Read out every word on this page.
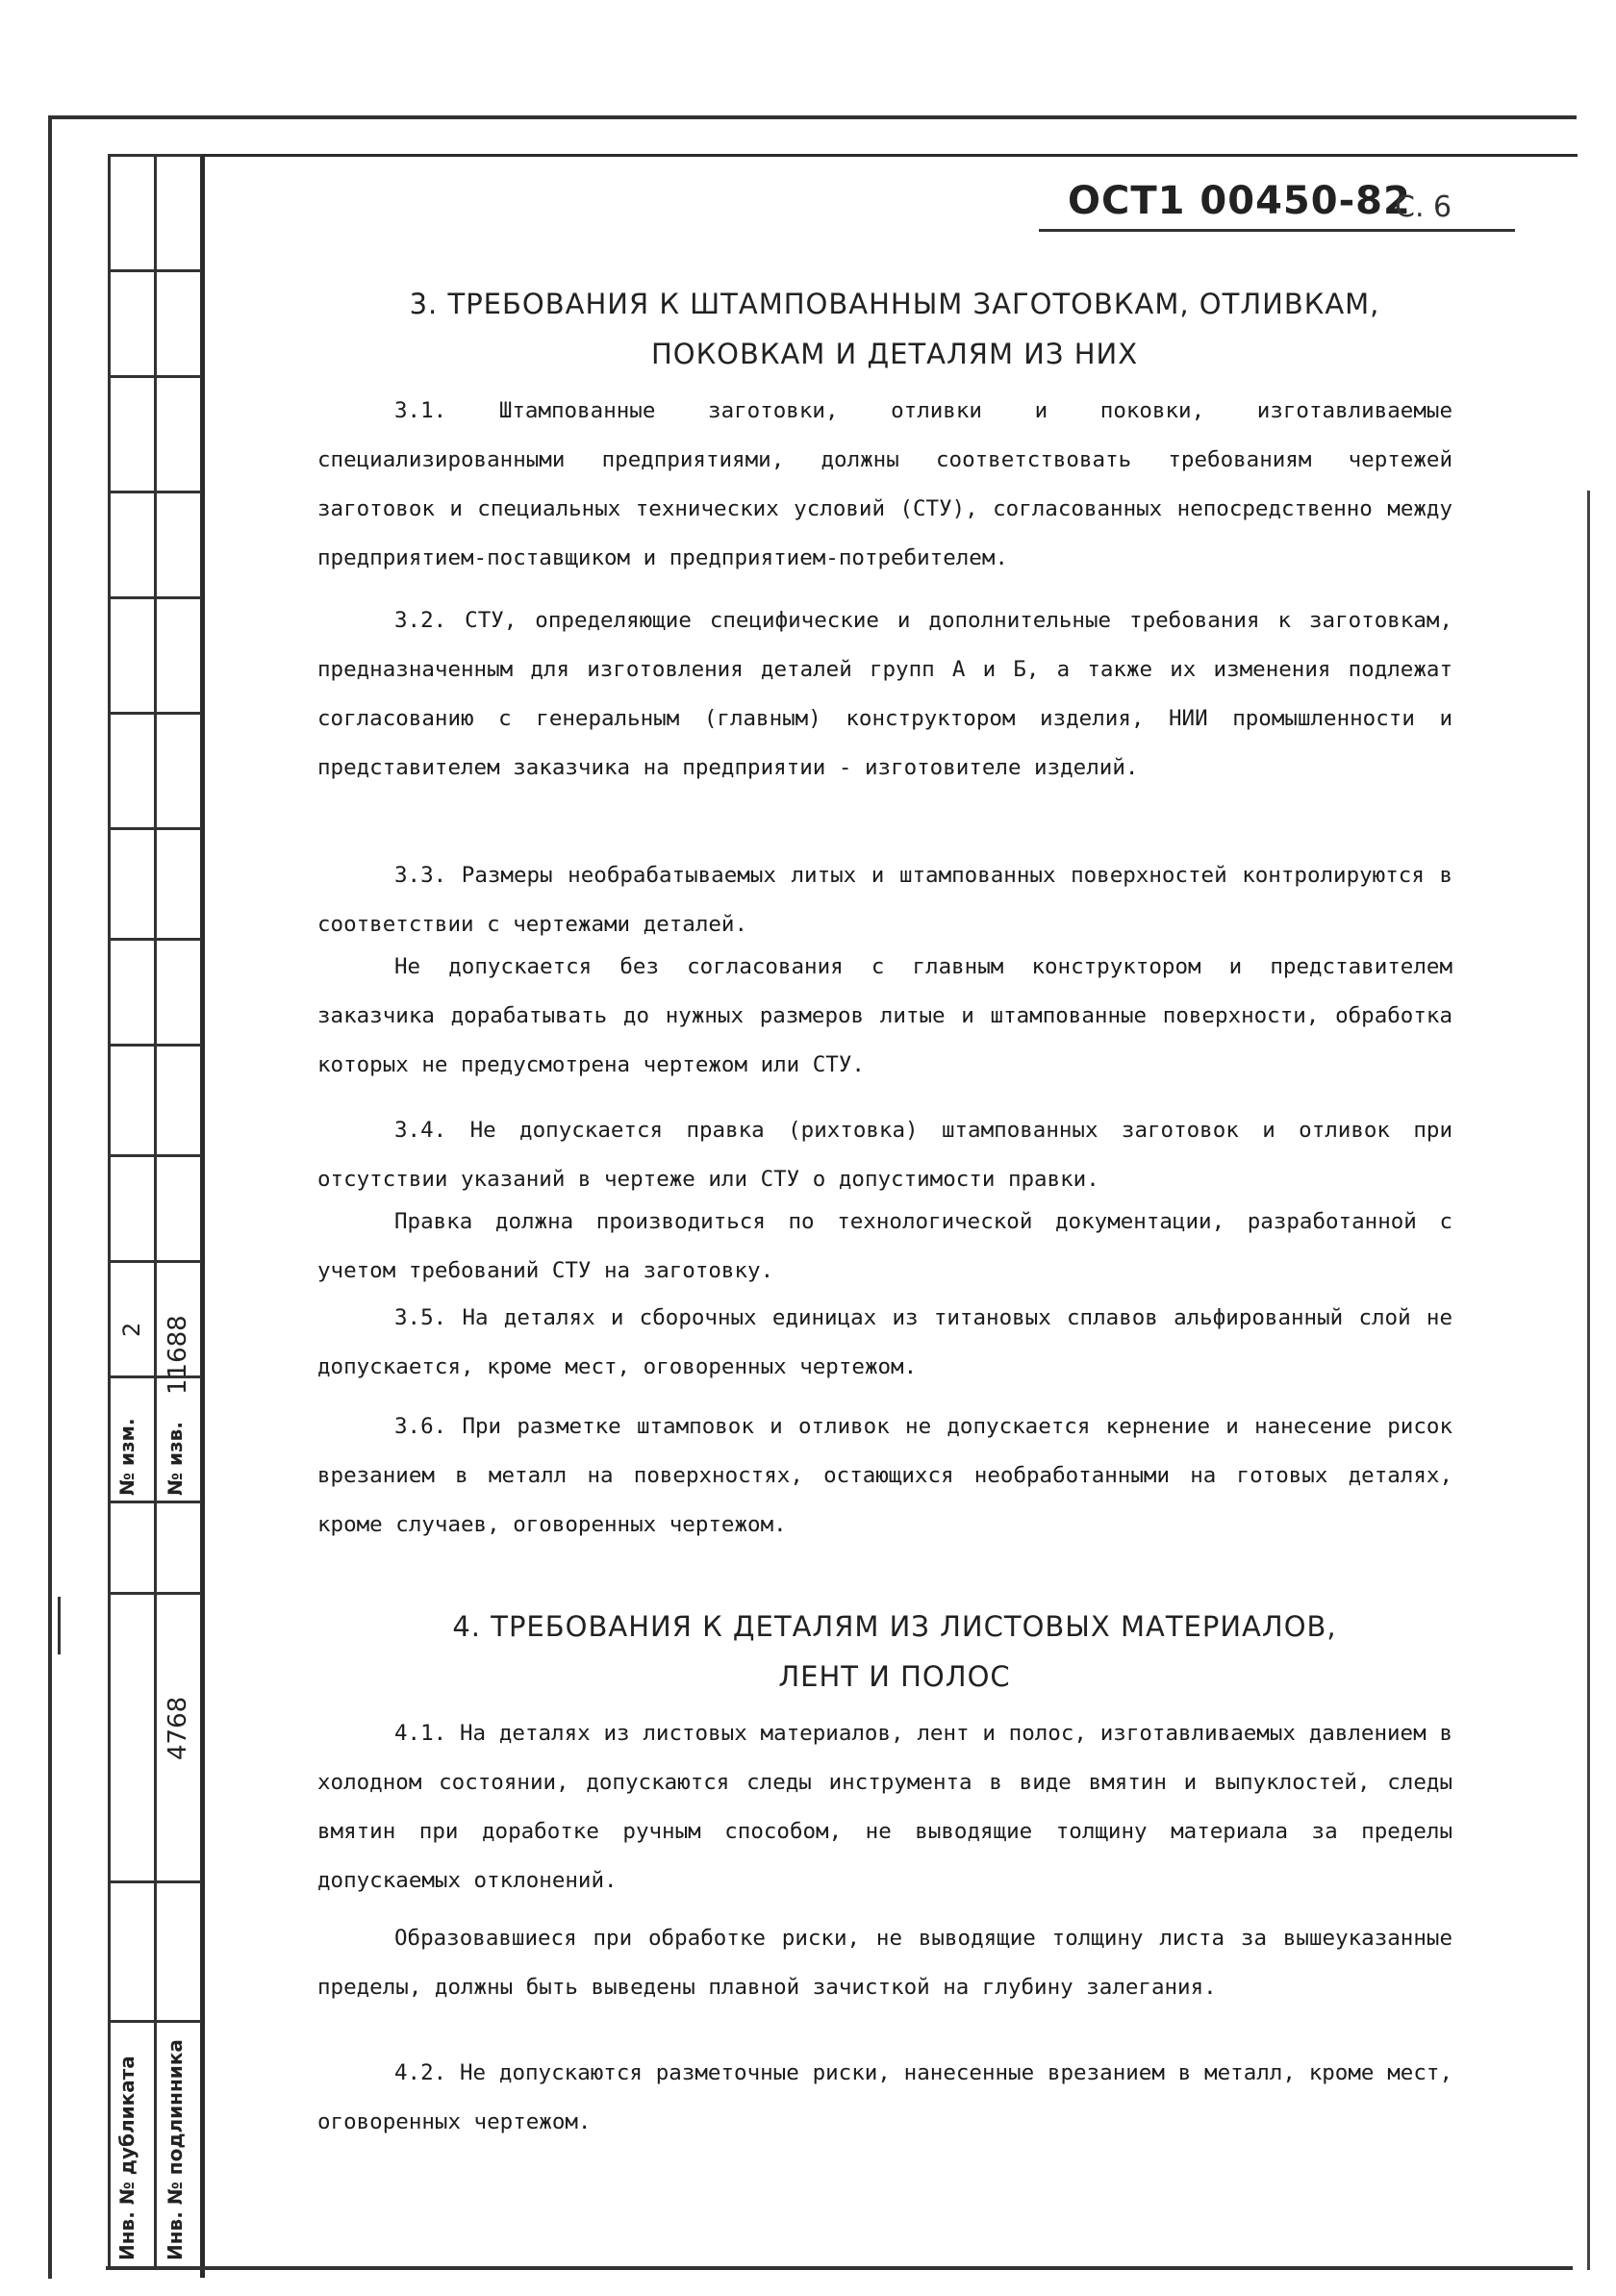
№ изм.
2
№ изв.
11688
4768
Инв. № дубликата Инв. № подлинника
ОСТ1 00450-82
С. 6
3. ТРЕБОВАНИЯ К ШТАМПОВАННЫМ ЗАГОТОВКАМ, ОТЛИВКАМ,
ПОКОВКАМ И ДЕТАЛЯМ ИЗ НИХ
3.1. Штампованные заготовки, отливки и поковки, изготавливаемые специализированными предприятиями, должны соответствовать требованиям чертежей заготовок и специальных технических условий (СТУ), согласованных непосредственно между предприятием-поставщиком и предприятием-потребителем.
3.2. СТУ, определяющие специфические и дополнительные требования к заготовкам, предназначенным для изготовления деталей групп А и Б, а также их изменения подлежат согласованию с генеральным (главным) конструктором изделия, НИИ промышленности и представителем заказчика на предприятии - изготовителе изделий.
3.3. Размеры необрабатываемых литых и штампованных поверхностей контролируются в соответствии с чертежами деталей.
Не допускается без согласования с главным конструктором и представителем заказчика дорабатывать до нужных размеров литые и штампованные поверхности, обработка которых не предусмотрена чертежом или СТУ.
3.4. Не допускается правка (рихтовка) штампованных заготовок и отливок при отсутствии указаний в чертеже или СТУ о допустимости правки.
Правка должна производиться по технологической документации, разработанной с учетом требований СТУ на заготовку.
3.5. На деталях и сборочных единицах из титановых сплавов альфированный слой не допускается, кроме мест, оговоренных чертежом.
3.6. При разметке штамповок и отливок не допускается кернение и нанесение рисок врезанием в металл на поверхностях, остающихся необработанными на готовых деталях, кроме случаев, оговоренных чертежом.
4. ТРЕБОВАНИЯ К ДЕТАЛЯМ ИЗ ЛИСТОВЫХ МАТЕРИАЛОВ,
ЛЕНТ И ПОЛОС
4.1. На деталях из листовых материалов, лент и полос, изготавливаемых давлением в холодном состоянии, допускаются следы инструмента в виде вмятин и выпуклостей, следы вмятин при доработке ручным способом, не выводящие толщину материала за пределы допускаемых отклонений.
Образовавшиеся при обработке риски, не выводящие толщину листа за вышеуказанные пределы, должны быть выведены плавной зачисткой на глубину залегания.
4.2. Не допускаются разметочные риски, нанесенные врезанием в металл, кроме мест, оговоренных чертежом.
